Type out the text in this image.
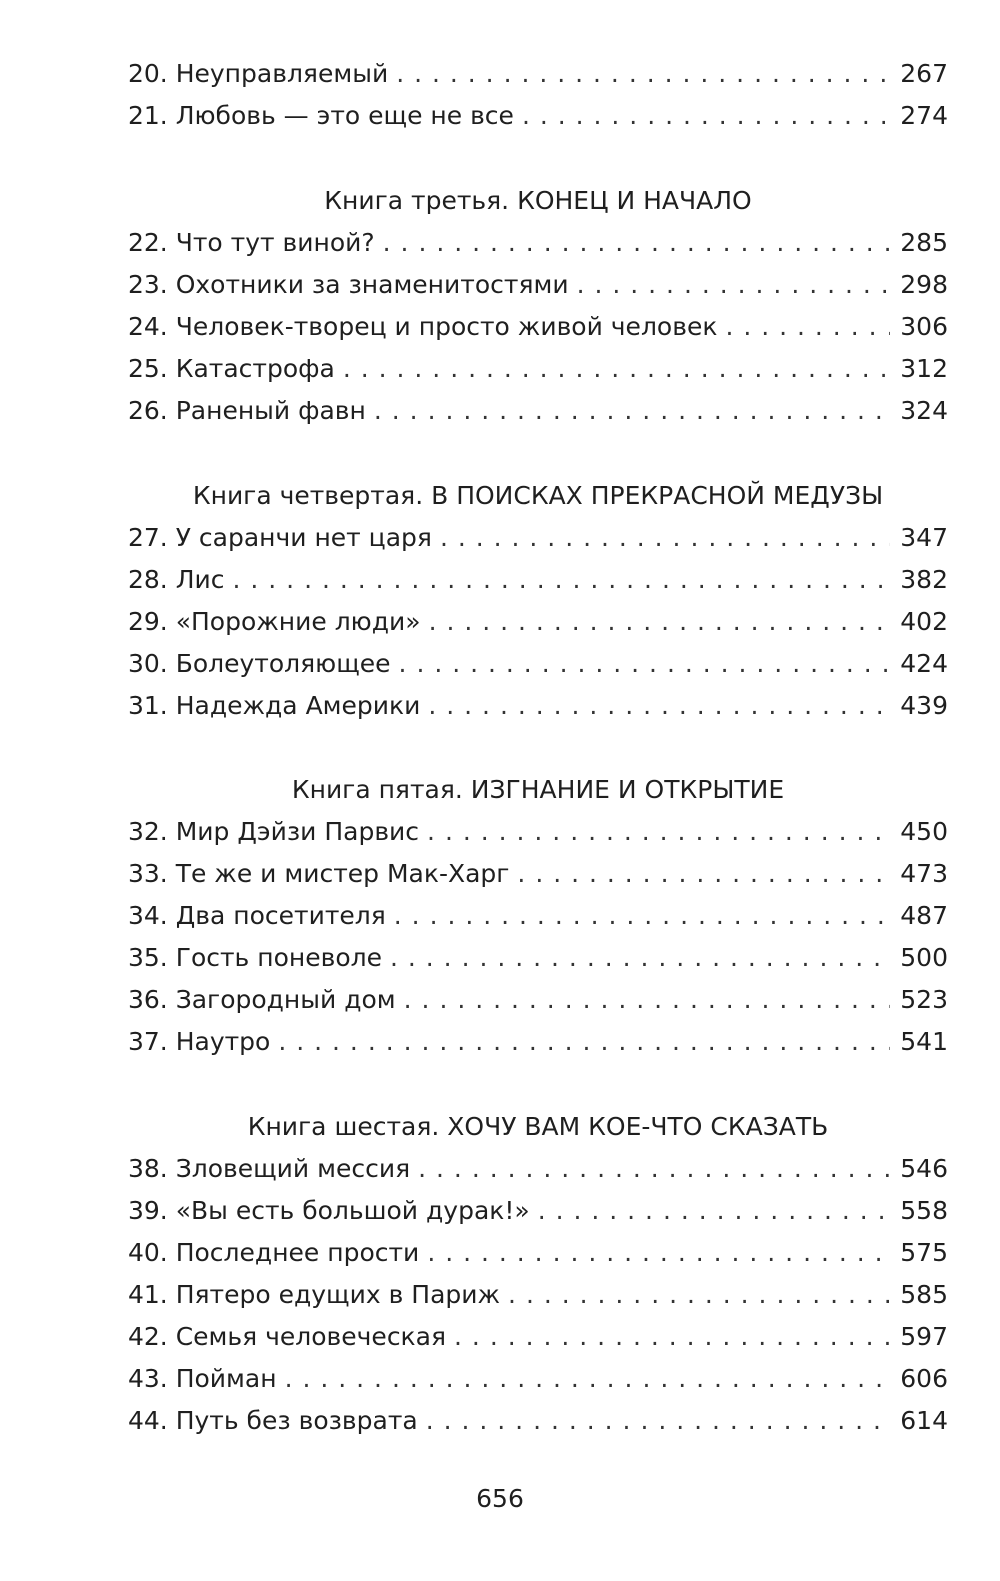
20. Неуправляемый . . .	267
21. Любовь — это еще не все . . .	274
Книга третья. КОНЕЦ И НАЧАЛО
22. Что тут виной? . . .	285
23. Охотники за знаменитостями . . .	298
24. Человек-творец и просто живой человек . . .	306
25. Катастрофа . . .	312
26. Раненый фавн . . .	324
Книга четвертая. В ПОИСКАХ ПРЕКРАСНОЙ МЕДУЗЫ
27. У саранчи нет царя . . .	347
28. Лис . . .	382
29. «Порожние люди» . . .	402
30. Болеутоляющее . . .	424
31. Надежда Америки . . .	439
Книга пятая. ИЗГНАНИЕ И ОТКРЫТИЕ
32. Мир Дэйзи Парвис . . .	450
33. Те же и мистер Мак-Харг . . .	473
34. Два посетителя . . .	487
35. Гость поневоле . . .	500
36. Загородный дом . . .	523
37. Наутро . . .	541
Книга шестая. ХОЧУ ВАМ КОЕ-ЧТО СКАЗАТЬ
38. Зловещий мессия . . .	546
39. «Вы есть большой дурак!» . . .	558
40. Последнее прости . . .	575
41. Пятеро едущих в Париж . . .	585
42. Семья человеческая . . .	597
43. Пойман . . .	606
44. Путь без возврата . . .	614
656
